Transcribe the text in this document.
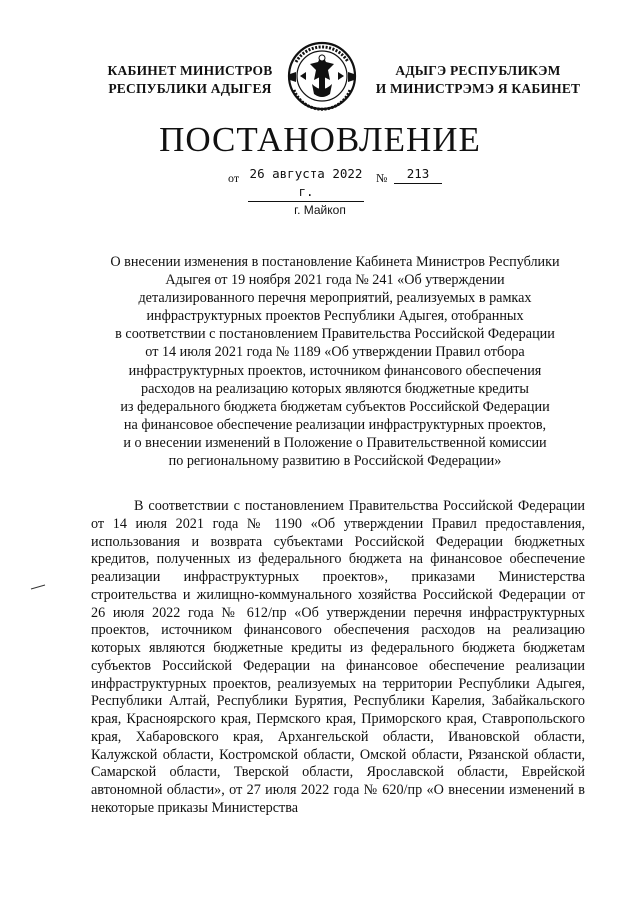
КАБИНЕТ МИНИСТРОВ
РЕСПУБЛИКИ АДЫГЕЯ
АДЫГЭ РЕСПУБЛИКЭМ
И МИНИСТРЭМЭ Я КАБИНЕТ
ПОСТАНОВЛЕНИЕ
от 26 августа 2022 г.
№	213
г. Майкоп
О внесении изменения в постановление Кабинета Министров Республики
Адыгея от 19 ноября 2021 года № 241 «Об утверждении
детализированного перечня мероприятий, реализуемых в рамках
инфраструктурных проектов Республики Адыгея, отобранных
в соответствии с постановлением Правительства Российской Федерации
от 14 июля 2021 года № 1189 «Об утверждении Правил отбора
инфраструктурных проектов, источником финансового обеспечения
расходов на реализацию которых являются бюджетные кредиты
из федерального бюджета бюджетам субъектов Российской Федерации
на финансовое обеспечение реализации инфраструктурных проектов,
и о внесении изменений в Положение о Правительственной комиссии
по региональному развитию в Российской Федерации»
В соответствии с постановлением Правительства Российской Федерации от 14 июля 2021 года № 1190 «Об утверждении Правил предоставления, использования и возврата субъектами Российской Федерации бюджетных кредитов, полученных из федерального бюджета на финансовое обеспечение реализации инфраструктурных проектов», приказами Министерства строительства и жилищно-коммунального хозяйства Российской Федерации от 26 июля 2022 года № 612/пр «Об утверждении перечня инфраструктурных проектов, источником финансового обеспечения расходов на реализацию которых являются бюджетные кредиты из федерального бюджета бюджетам субъектов Российской Федерации на финансовое обеспечение реализации инфраструктурных проектов, реализуемых на территории Республики Адыгея, Республики Алтай, Республики Бурятия, Республики Карелия, Забайкальского края, Красноярского края, Пермского края, Приморского края, Ставропольского края, Хабаровского края, Архангельской области, Ивановской области, Калужской области, Костромской области, Омской области, Рязанской области, Самарской области, Тверской области, Ярославской области, Еврейской автономной области», от 27 июля 2022 года № 620/пр «О внесении изменений в некоторые приказы Министерства
